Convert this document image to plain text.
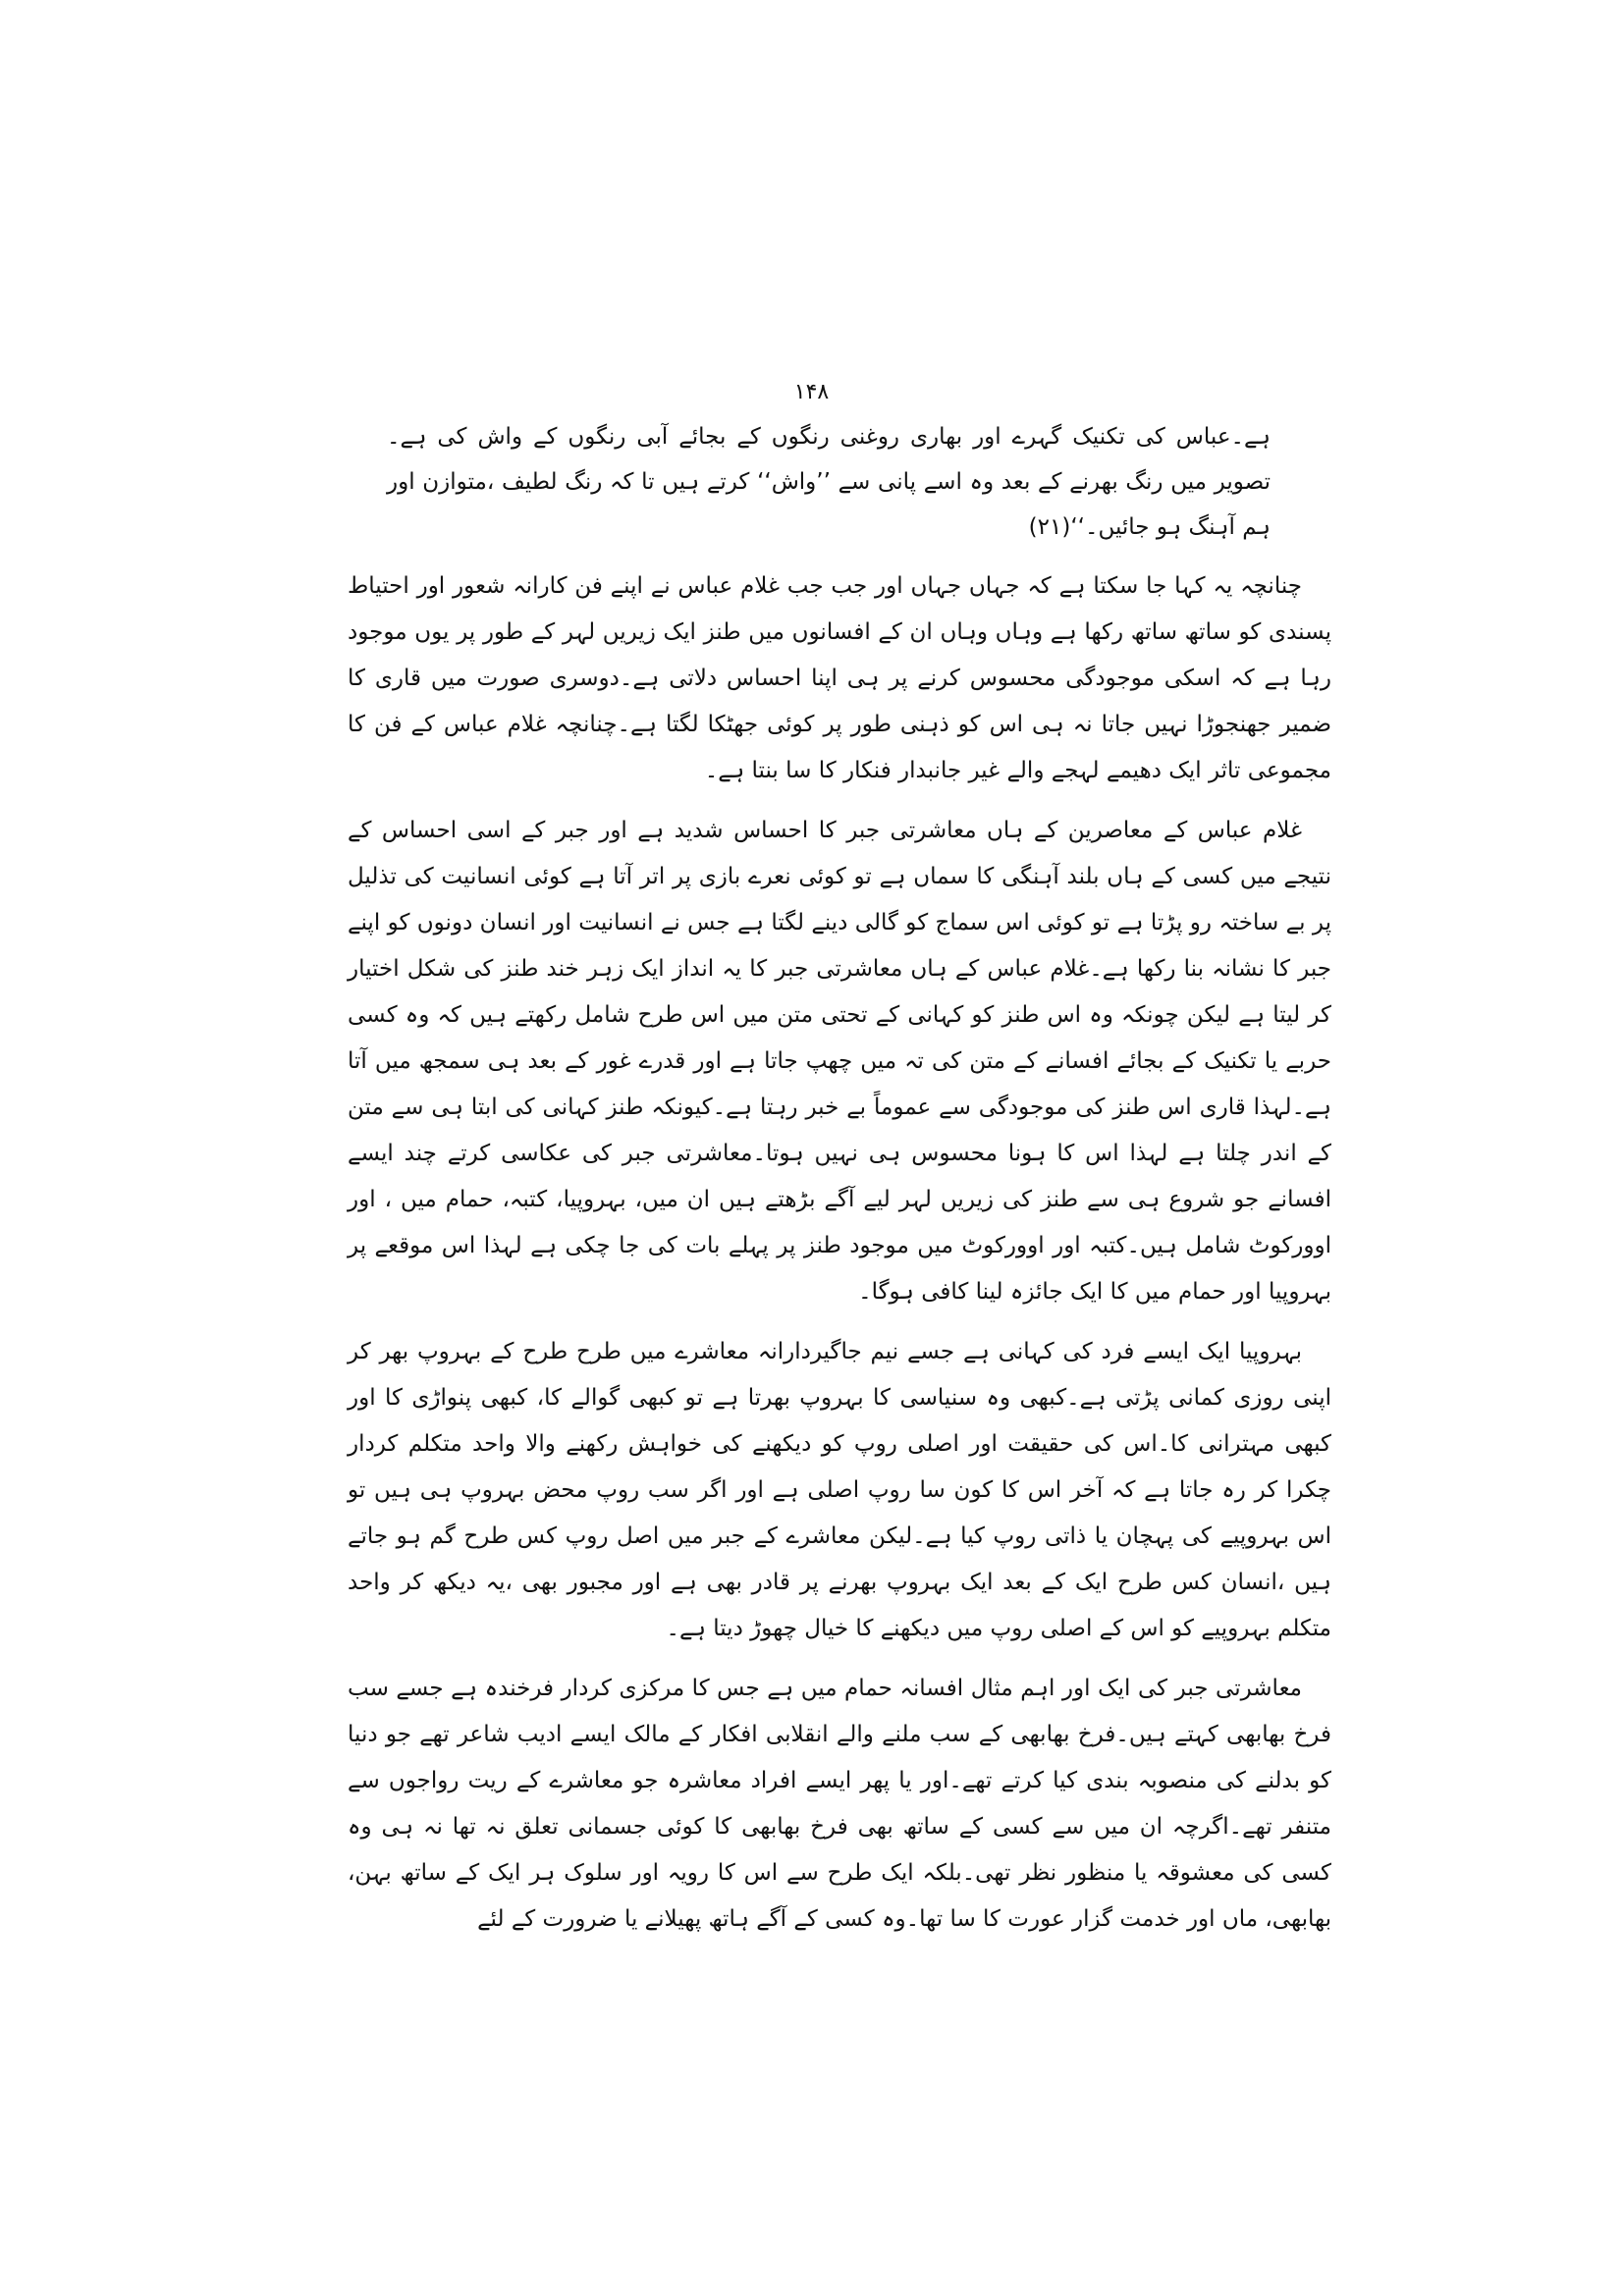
۱۴۸
ہے۔عباس کی تکنیک گہرے اور بھاری روغنی رنگوں کے بجائے آبی رنگوں کے واش کی ہے۔تصویر میں رنگ بھرنے کے بعد وہ اسے پانی سے ’’واش‘‘ کرتے ہیں تا کہ رنگ لطیف ،متوازن اور ہم آہنگ ہو جائیں۔‘‘(۲۱)

چنانچہ یہ کہا جا سکتا ہے کہ جہاں جہاں اور جب جب غلام عباس نے اپنے فن کارانہ شعور اور احتیاط پسندی کو ساتھ ساتھ رکھا ہے وہاں وہاں ان کے افسانوں میں طنز ایک زیریں لہر کے طور پر یوں موجود رہا ہے کہ اسکی موجودگی محسوس کرنے پر ہی اپنا احساس دلاتی ہے۔دوسری صورت میں قاری کا ضمیر جھنجوڑا نہیں جاتا نہ ہی اس کو ذہنی طور پر کوئی جھٹکا لگتا ہے۔چنانچہ غلام عباس کے فن کا مجموعی تاثر ایک دھیمے لہجے والے غیر جانبدار فنکار کا سا بنتا ہے۔

غلام عباس کے معاصرین کے ہاں معاشرتی جبر کا احساس شدید ہے اور جبر کے اسی احساس کے نتیجے میں کسی کے ہاں بلند آہنگی کا سماں ہے تو کوئی نعرے بازی پر اتر آتا ہے کوئی انسانیت کی تذلیل پر بے ساختہ رو پڑتا ہے تو کوئی اس سماج کو گالی دینے لگتا ہے جس نے انسانیت اور انسان دونوں کو اپنے جبر کا نشانہ بنا رکھا ہے۔غلام عباس کے ہاں معاشرتی جبر کا یہ انداز ایک زہر خند طنز کی شکل اختیار کر لیتا ہے لیکن چونکہ وہ اس طنز کو کہانی کے تحتی متن میں اس طرح شامل رکھتے ہیں کہ وہ کسی حربے یا تکنیک کے بجائے افسانے کے متن کی تہ میں چھپ جاتا ہے اور قدرے غور کے بعد ہی سمجھ میں آتا ہے۔لہذا قاری اس طنز کی موجودگی سے عموماً بے خبر رہتا ہے۔کیونکہ طنز کہانی کی ابتا ہی سے متن کے اندر چلتا ہے لہذا اس کا ہونا محسوس ہی نہیں ہوتا۔معاشرتی جبر کی عکاسی کرتے چند ایسے افسانے جو شروع ہی سے طنز کی زیریں لہر لیے آگے بڑھتے ہیں ان میں، بہروپیا، کتبہ، حمام میں ، اور اوورکوٹ شامل ہیں۔کتبہ اور اوورکوٹ میں موجود طنز پر پہلے بات کی جا چکی ہے لہذا اس موقعے پر بہروپیا اور حمام میں کا ایک جائزہ لینا کافی ہوگا۔

بہروپیا ایک ایسے فرد کی کہانی ہے جسے نیم جاگیردارانہ معاشرے میں طرح طرح کے بہروپ بھر کر اپنی روزی کمانی پڑتی ہے۔کبھی وہ سنیاسی کا بہروپ بھرتا ہے تو کبھی گوالے کا، کبھی پنواڑی کا اور کبھی مہترانی کا۔اس کی حقیقت اور اصلی روپ کو دیکھنے کی خواہش رکھنے والا واحد متکلم کردار چکرا کر رہ جاتا ہے کہ آخر اس کا کون سا روپ اصلی ہے اور اگر سب روپ محض بہروپ ہی ہیں تو اس بہروپیے کی پہچان یا ذاتی روپ کیا ہے۔لیکن معاشرے کے جبر میں اصل روپ کس طرح گم ہو جاتے ہیں ،انسان کس طرح ایک کے بعد ایک بہروپ بھرنے پر قادر بھی ہے اور مجبور بھی ،یہ دیکھ کر واحد متکلم بہروپیے کو اس کے اصلی روپ میں دیکھنے کا خیال چھوڑ دیتا ہے۔

معاشرتی جبر کی ایک اور اہم مثال افسانہ حمام میں ہے جس کا مرکزی کردار فرخندہ ہے جسے سب فرخ بھابھی کہتے ہیں۔فرخ بھابھی کے سب ملنے والے انقلابی افکار کے مالک ایسے ادیب شاعر تھے جو دنیا کو بدلنے کی منصوبہ بندی کیا کرتے تھے۔اور یا پھر ایسے افراد معاشرہ جو معاشرے کے ریت رواجوں سے متنفر تھے۔اگرچہ ان میں سے کسی کے ساتھ بھی فرخ بھابھی کا کوئی جسمانی تعلق نہ تھا نہ ہی وہ کسی کی معشوقہ یا منظور نظر تھی۔بلکہ ایک طرح سے اس کا رویہ اور سلوک ہر ایک کے ساتھ بہن، بھابھی، ماں اور خدمت گزار عورت کا سا تھا۔وہ کسی کے آگے ہاتھ پھیلانے یا ضرورت کے لئے
